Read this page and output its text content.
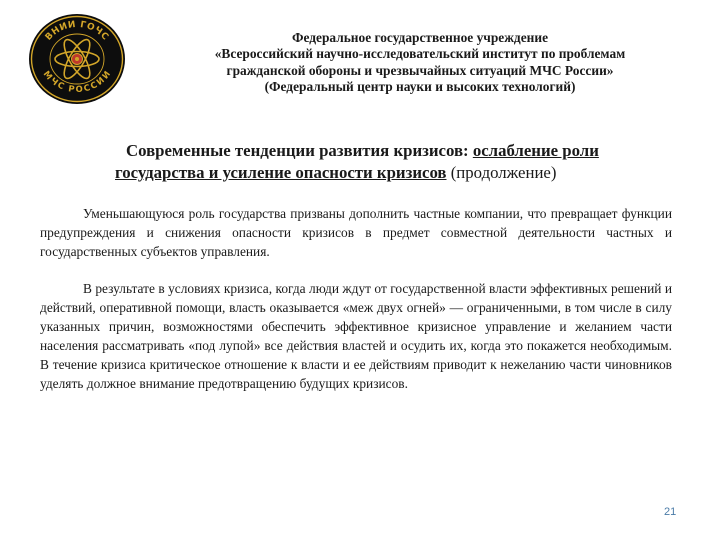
ВНИИ ГОЧС
МЧС РОССИИ
Федеральное государственное учреждение
«Всероссийский научно-исследовательский институт по проблемам
гражданской обороны и чрезвычайных ситуаций МЧС России»
(Федеральный центр науки и высоких технологий)
Современные тенденции развития кризисов: ослабление роли
государства и усиление опасности кризисов (продолжение)

Уменьшающуюся роль государства призваны дополнить частные компании, что превращает функции предупреждения и снижения опасности кризисов в предмет совместной деятельности частных и государственных субъектов управления.

В результате в условиях кризиса, когда люди ждут от государственной власти эффективных решений и действий, оперативной помощи, власть оказывается «меж двух огней» — ограниченными, в том числе в силу указанных причин, возможностями обеспечить эффективное кризисное управление и желанием части населения рассматривать «под лупой» все действия властей и осудить их, когда это покажется необходимым. В течение кризиса критическое отношение к власти и ее действиям приводит к нежеланию части чиновников уделять должное внимание предотвращению будущих кризисов.

21
